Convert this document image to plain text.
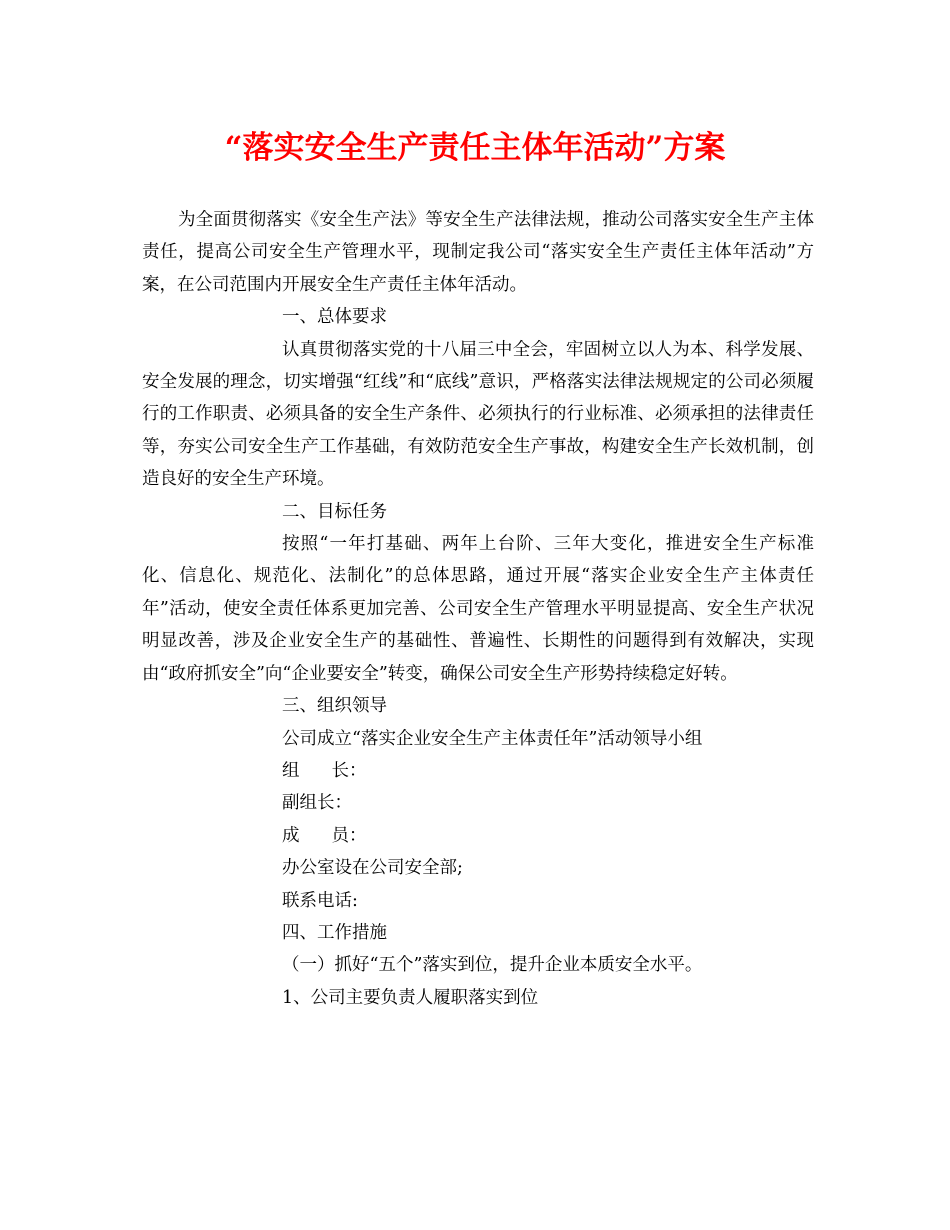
“落实安全生产责任主体年活动”方案

为全面贯彻落实《安全生产法》等安全生产法律法规，推动公司落实安全生产主体责任，提高公司安全生产管理水平，现制定我公司“落实安全生产责任主体年活动”方案，在公司范围内开展安全生产责任主体年活动。

一、总体要求

认真贯彻落实党的十八届三中全会，牢固树立以人为本、科学发展、安全发展的理念，切实增强“红线”和“底线”意识，严格落实法律法规规定的公司必须履行的工作职责、必须具备的安全生产条件、必须执行的行业标准、必须承担的法律责任等，夯实公司安全生产工作基础，有效防范安全生产事故，构建安全生产长效机制，创造良好的安全生产环境。

二、目标任务

按照“一年打基础、两年上台阶、三年大变化，推进安全生产标准化、信息化、规范化、法制化”的总体思路，通过开展“落实企业安全生产主体责任年”活动，使安全责任体系更加完善、公司安全生产管理水平明显提高、安全生产状况明显改善，涉及企业安全生产的基础性、普遍性、长期性的问题得到有效解决，实现由“政府抓安全”向“企业要安全”转变，确保公司安全生产形势持续稳定好转。

三、组织领导

公司成立“落实企业安全生产主体责任年”活动领导小组

组 长：

副组长：

成 员：

办公室设在公司安全部;

联系电话:

四、工作措施

（一）抓好“五个”落实到位，提升企业本质安全水平。

1、公司主要负责人履职落实到位
